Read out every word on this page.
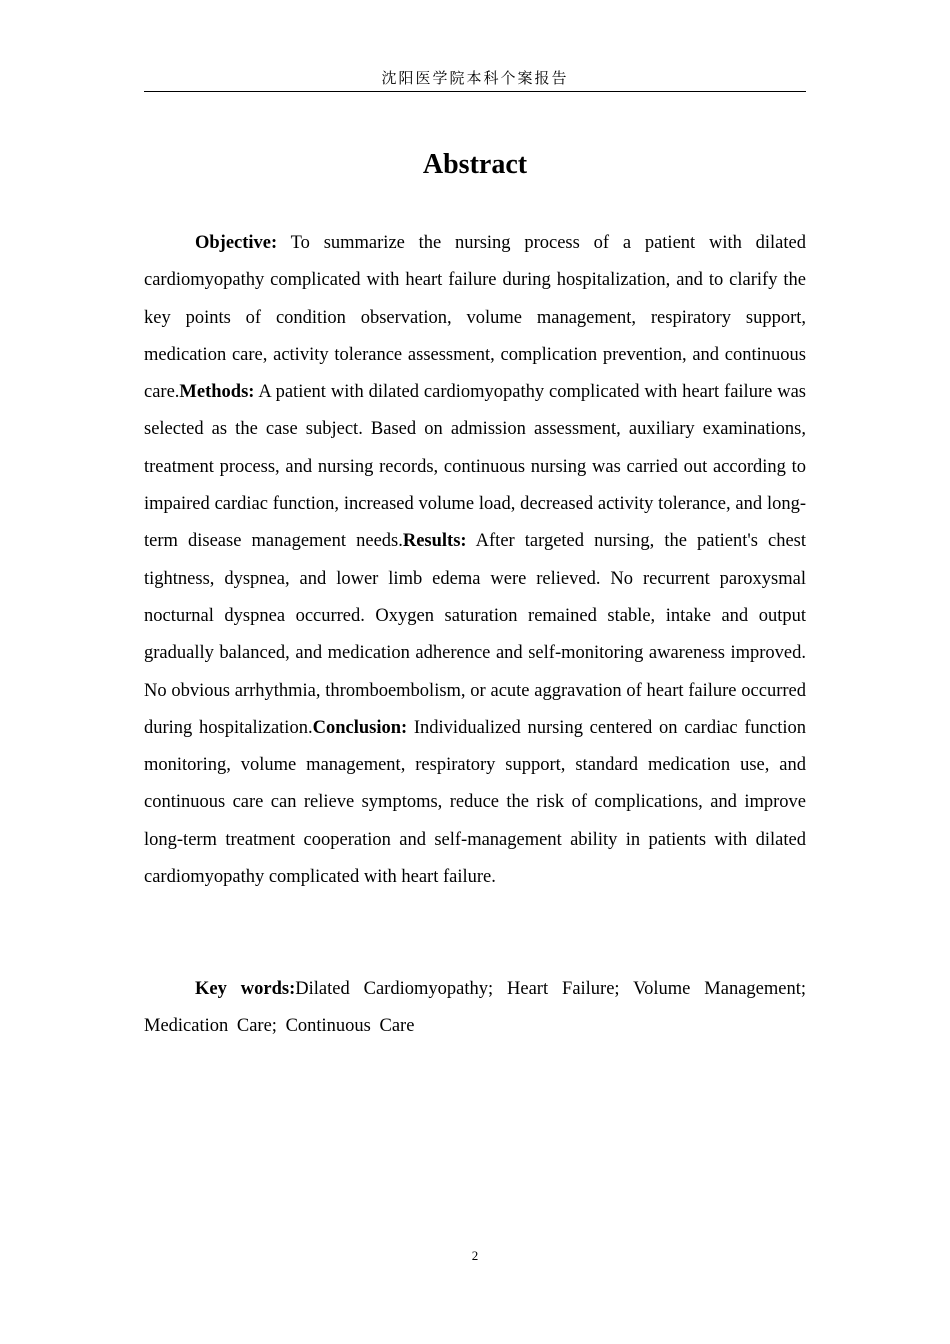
沈阳医学院本科个案报告
Abstract

Objective: To summarize the nursing process of a patient with dilated cardiomyopathy complicated with heart failure during hospitalization, and to clarify the key points of condition observation, volume management, respiratory support, medication care, activity tolerance assessment, complication prevention, and continuous care.Methods: A patient with dilated cardiomyopathy complicated with heart failure was selected as the case subject. Based on admission assessment, auxiliary examinations, treatment process, and nursing records, continuous nursing was carried out according to impaired cardiac function, increased volume load, decreased activity tolerance, and long-term disease management needs.Results: After targeted nursing, the patient's chest tightness, dyspnea, and lower limb edema were relieved. No recurrent paroxysmal nocturnal dyspnea occurred. Oxygen saturation remained stable, intake and output gradually balanced, and medication adherence and self-monitoring awareness improved. No obvious arrhythmia, thromboembolism, or acute aggravation of heart failure occurred during hospitalization.Conclusion: Individualized nursing centered on cardiac function monitoring, volume management, respiratory support, standard medication use, and continuous care can relieve symptoms, reduce the risk of complications, and improve long-term treatment cooperation and self-management ability in patients with dilated cardiomyopathy complicated with heart failure.

Key words:Dilated Cardiomyopathy; Heart Failure; Volume Management; Medication Care; Continuous Care

2
